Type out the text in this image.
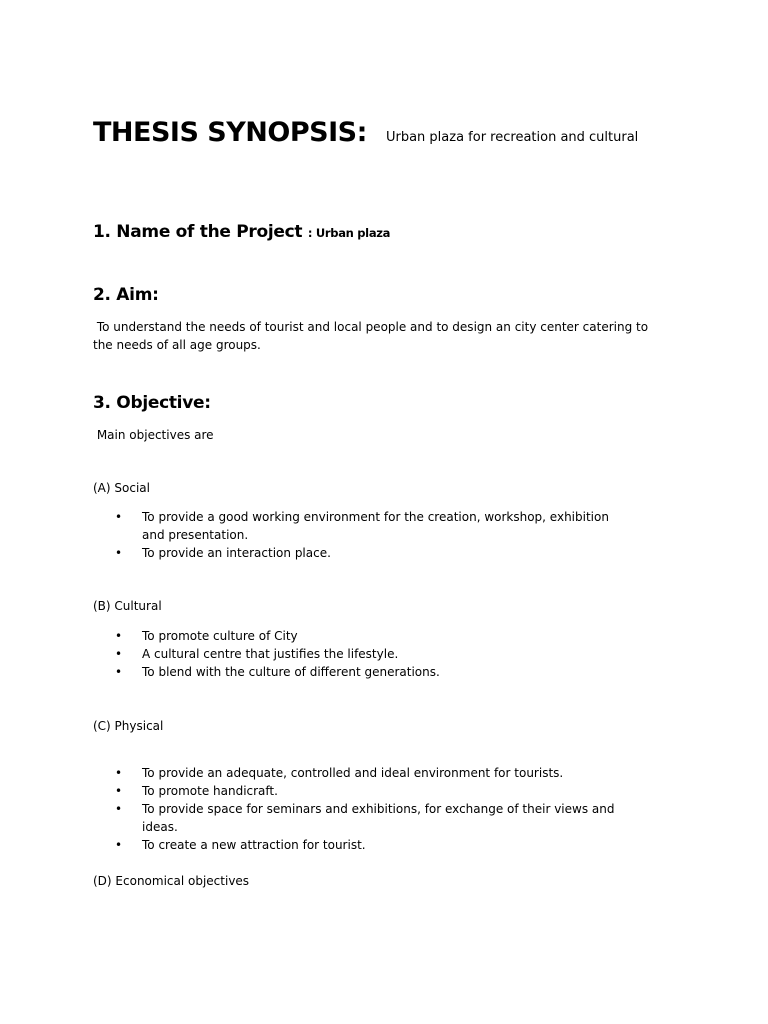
THESIS SYNOPSIS: Urban plaza for recreation and cultural
1. Name of the Project : Urban plaza
2. Aim:
To understand the needs of tourist and local people and to design an city center catering to the needs of all age groups.
3. Objective:
Main objectives are
(A) Social
• To provide a good working environment for the creation, workshop, exhibition and presentation.
• To provide an interaction place.
(B) Cultural
• To promote culture of City
• A cultural centre that justifies the lifestyle.
• To blend with the culture of different generations.
(C) Physical
• To provide an adequate, controlled and ideal environment for tourists.
• To promote handicraft.
• To provide space for seminars and exhibitions, for exchange of their views and ideas.
• To create a new attraction for tourist.
(D) Economical objectives
